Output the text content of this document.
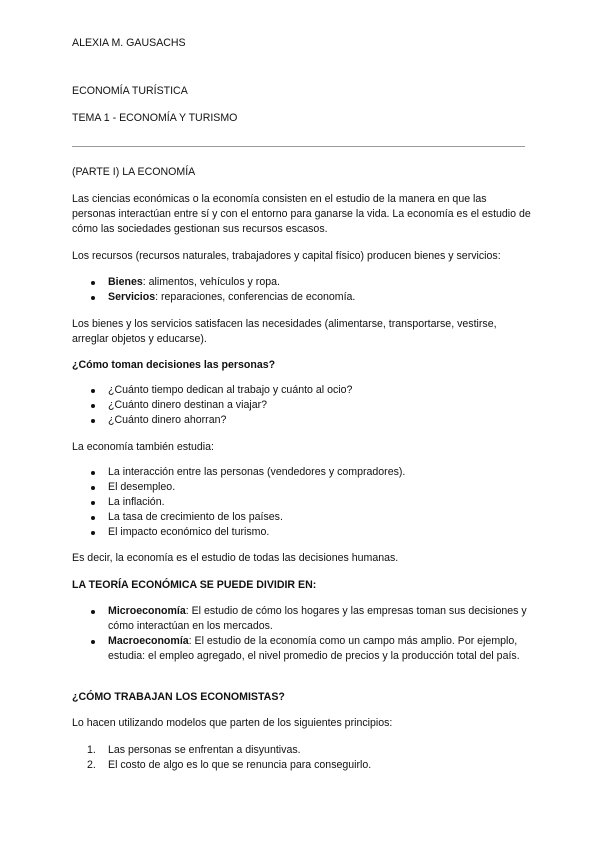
ALEXIA M. GAUSACHS
ECONOMÍA TURÍSTICA
TEMA 1 - ECONOMÍA Y TURISMO
(PARTE I) LA ECONOMÍA

Las ciencias económicas o la economía consisten en el estudio de la manera en que las personas interactúan entre sí y con el entorno para ganarse la vida. La economía es el estudio de cómo las sociedades gestionan sus recursos escasos.

Los recursos (recursos naturales, trabajadores y capital físico) producen bienes y servicios:

Bienes: alimentos, vehículos y ropa.
Servicios: reparaciones, conferencias de economía.

Los bienes y los servicios satisfacen las necesidades (alimentarse, transportarse, vestirse, arreglar objetos y educarse).

¿Cómo toman decisiones las personas?
¿Cuánto tiempo dedican al trabajo y cuánto al ocio?
¿Cuánto dinero destinan a viajar?
¿Cuánto dinero ahorran?

La economía también estudia:

La interacción entre las personas (vendedores y compradores).
El desempleo.
La inflación.
La tasa de crecimiento de los países.
El impacto económico del turismo.

Es decir, la economía es el estudio de todas las decisiones humanas.

LA TEORÍA ECONÓMICA SE PUEDE DIVIDIR EN:
Microeconomía: El estudio de cómo los hogares y las empresas toman sus decisiones y cómo interactúan en los mercados.
Macroeconomía: El estudio de la economía como un campo más amplio. Por ejemplo, estudia: el empleo agregado, el nivel promedio de precios y la producción total del país.
¿CÓMO TRABAJAN LOS ECONOMISTAS?

Lo hacen utilizando modelos que parten de los siguientes principios:

1. Las personas se enfrentan a disyuntivas.
2. El costo de algo es lo que se renuncia para conseguirlo.
